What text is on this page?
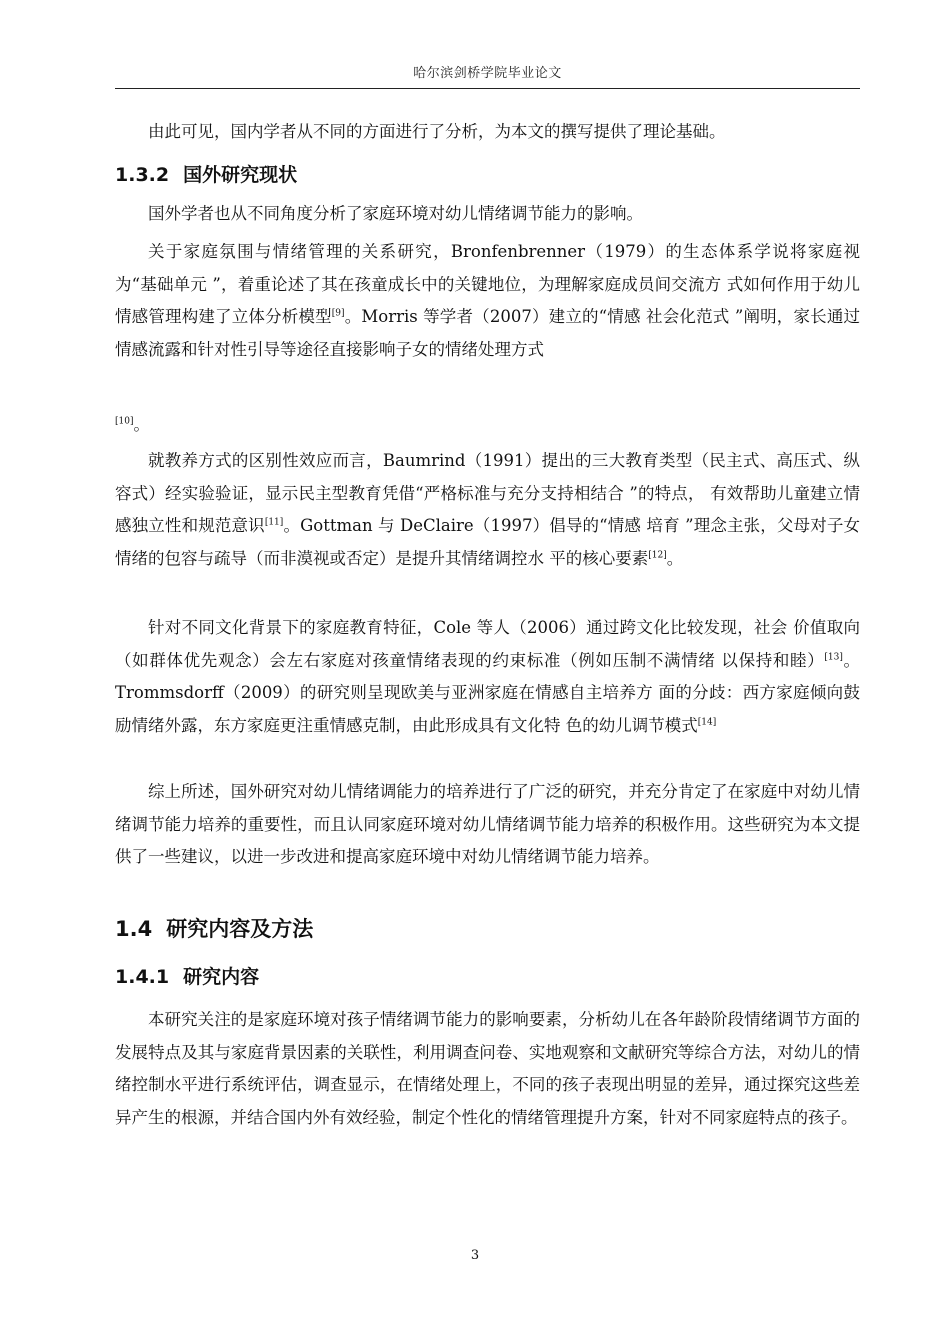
哈尔滨剑桥学院毕业论文

由此可见，国内学者从不同的方面进行了分析，为本文的撰写提供了理论基础。

1.3.2 国外研究现状

国外学者也从不同角度分析了家庭环境对幼儿情绪调节能力的影响。

关于家庭氛围与情绪管理的关系研究，Bronfenbrenner（1979）的生态体系学说将家庭视为“基础单元 ”，着重论述了其在孩童成长中的关键地位，为理解家庭成员间交流方 式如何作用于幼儿情感管理构建了立体分析模型[9]。Morris 等学者（2007）建立的“情感 社会化范式 ”阐明，家长通过情感流露和针对性引导等途径直接影响子女的情绪处理方式

[10]。

就教养方式的区别性效应而言，Baumrind（1991）提出的三大教育类型（民主式、高压式、纵容式）经实验验证，显示民主型教育凭借“严格标准与充分支持相结合 ”的特点， 有效帮助儿童建立情感独立性和规范意识[11]。Gottman 与 DeClaire（1997）倡导的“情感 培育 ”理念主张，父母对子女情绪的包容与疏导（而非漠视或否定）是提升其情绪调控水 平的核心要素[12]。

针对不同文化背景下的家庭教育特征，Cole 等人（2006）通过跨文化比较发现，社会 价值取向（如群体优先观念）会左右家庭对孩童情绪表现的约束标准（例如压制不满情绪 以保持和睦）[13]。Trommsdorff（2009）的研究则呈现欧美与亚洲家庭在情感自主培养方 面的分歧：西方家庭倾向鼓励情绪外露，东方家庭更注重情感克制，由此形成具有文化特 色的幼儿调节模式[14]

综上所述，国外研究对幼儿情绪调能力的培养进行了广泛的研究，并充分肯定了在家庭中对幼儿情绪调节能力培养的重要性，而且认同家庭环境对幼儿情绪调节能力培养的积极作用。这些研究为本文提供了一些建议，以进一步改进和提高家庭环境中对幼儿情绪调节能力培养。

1.4 研究内容及方法
1.4.1 研究内容

本研究关注的是家庭环境对孩子情绪调节能力的影响要素，分析幼儿在各年龄阶段情绪调节方面的发展特点及其与家庭背景因素的关联性，利用调查问卷、实地观察和文献研究等综合方法，对幼儿的情绪控制水平进行系统评估，调查显示，在情绪处理上，不同的孩子表现出明显的差异，通过探究这些差异产生的根源，并结合国内外有效经验，制定个性化的情绪管理提升方案，针对不同家庭特点的孩子。

3
